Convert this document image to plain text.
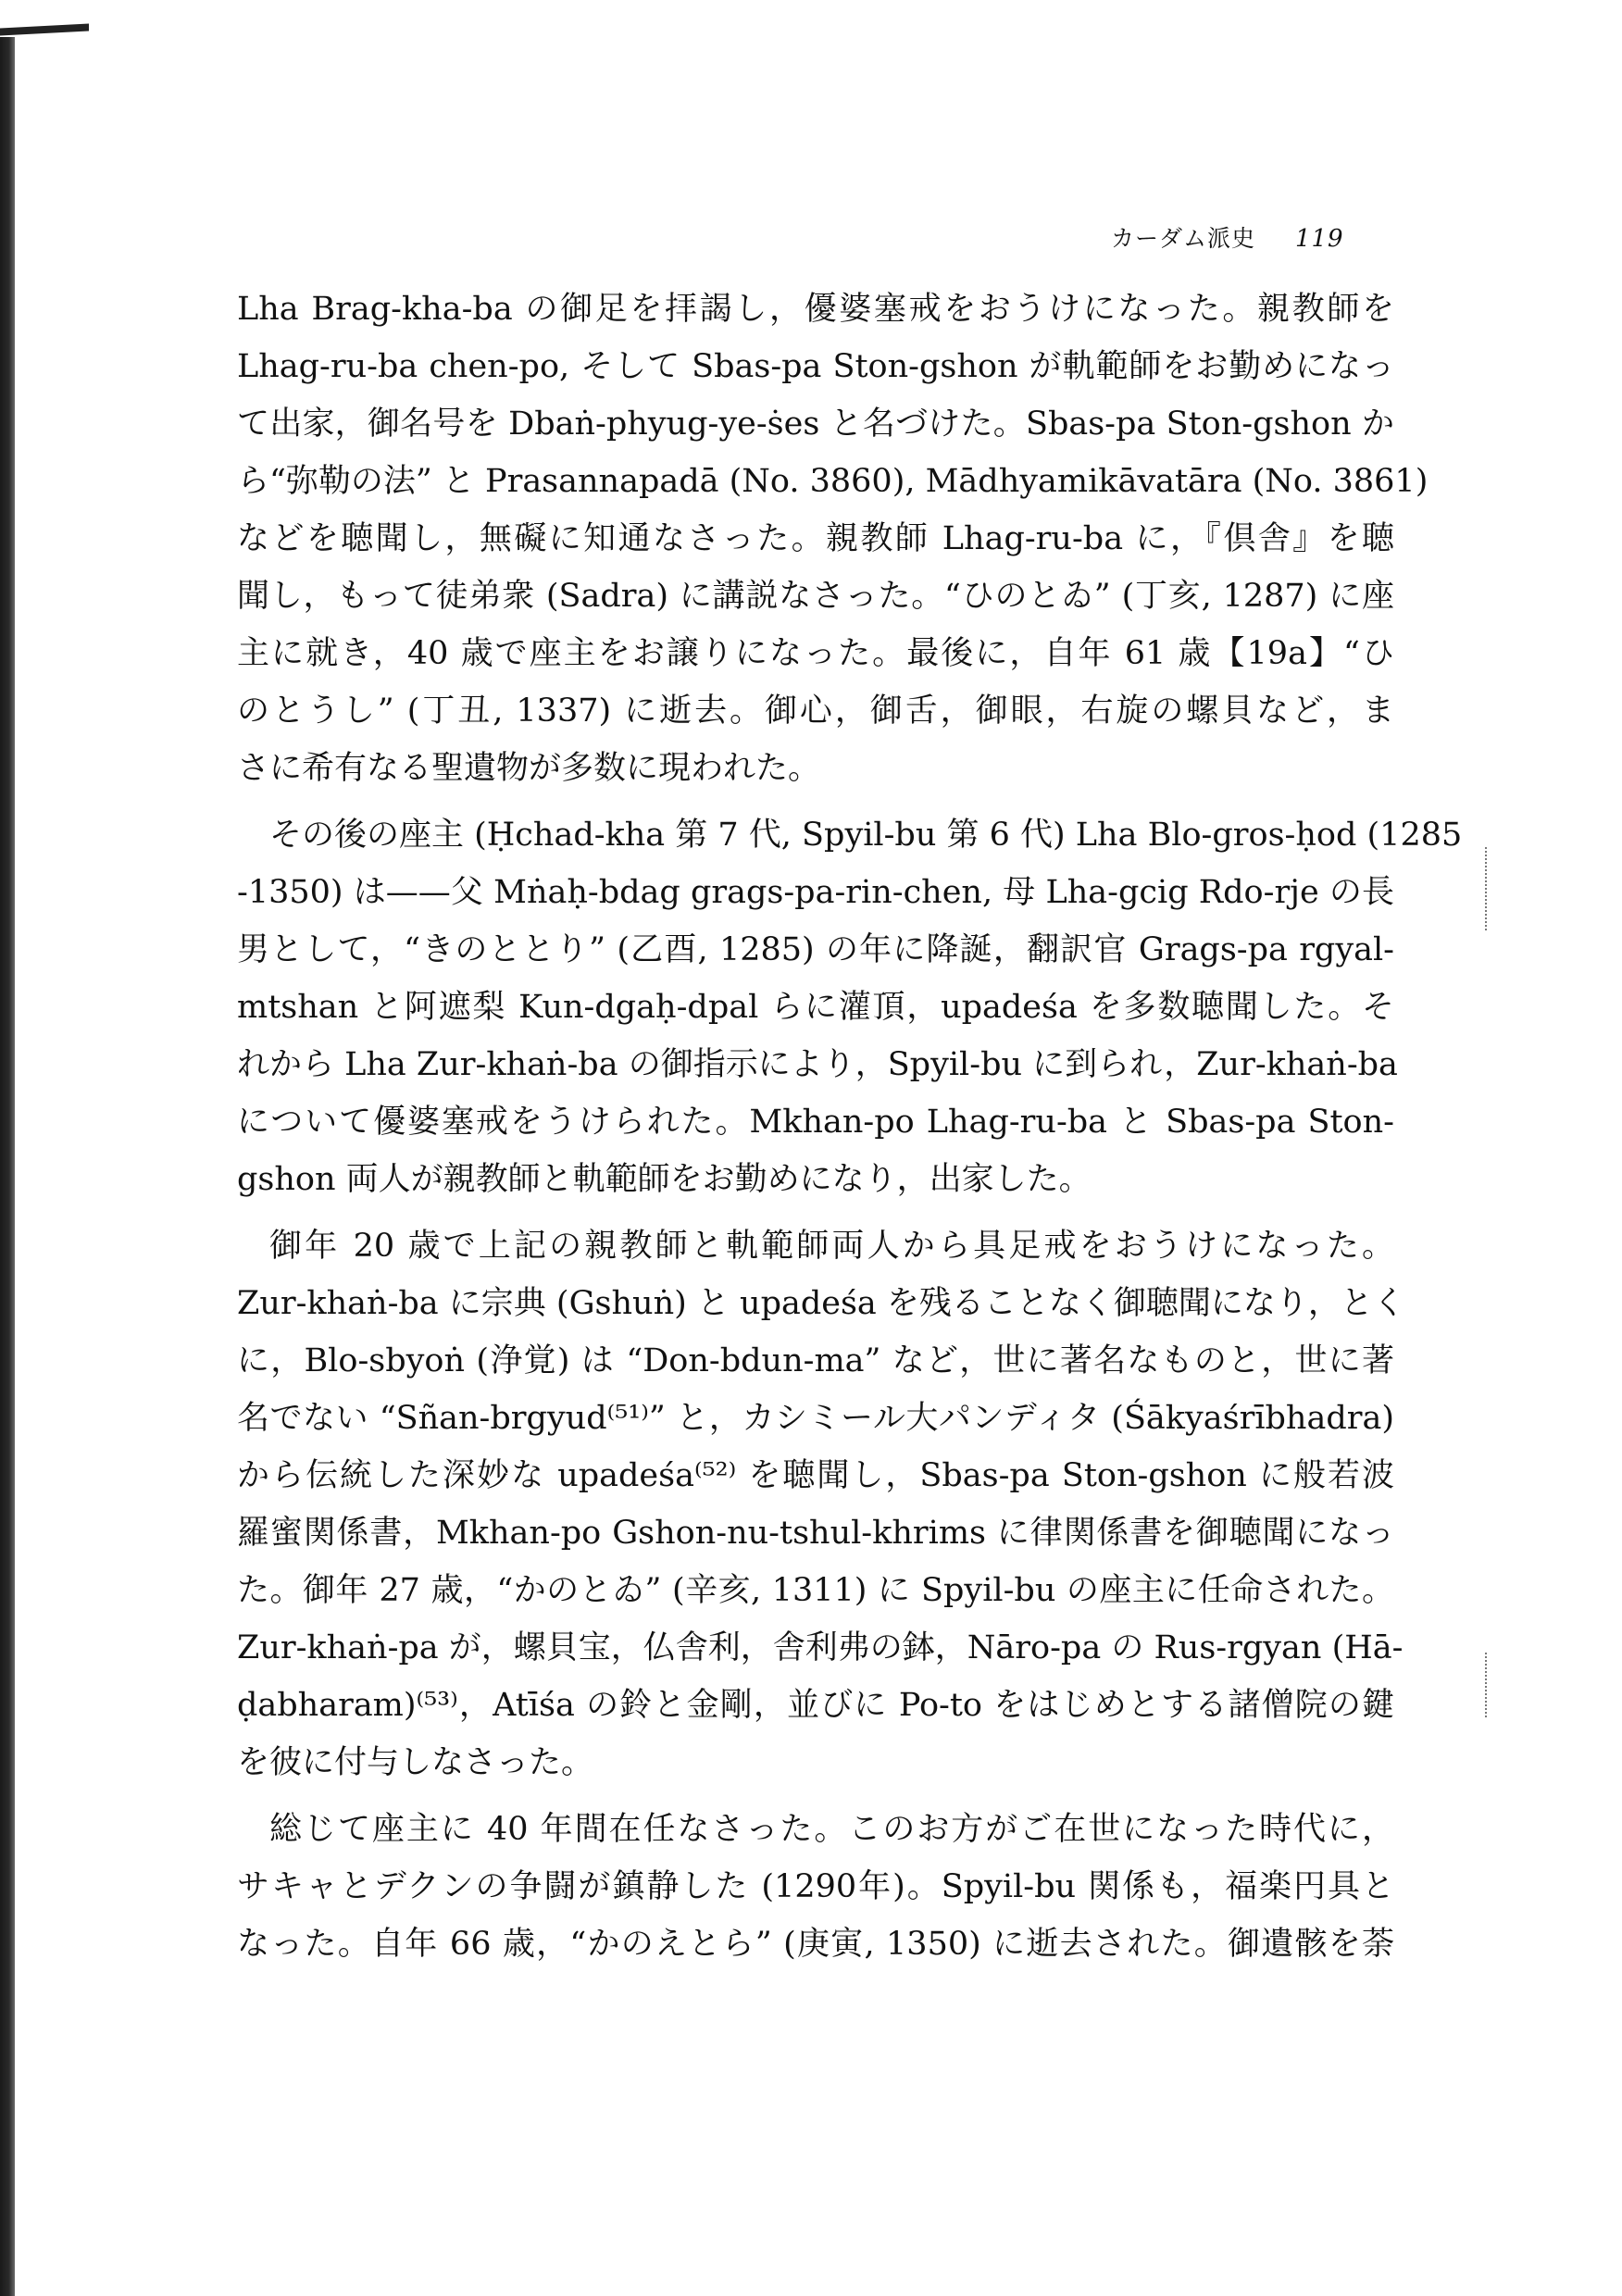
カーダム派史 119
Lha Brag-kha-ba の御足を拝謁し，優婆塞戒をおうけになった。親教師を
Lhag-ru-ba chen-po, そして Sbas-pa Ston-gshon が軌範師をお勤めになっ
て出家，御名号を Dbaṅ-phyug-ye-ṡes と名づけた。Sbas-pa Ston-gshon か
ら“弥勒の法” と Prasannapadā (No. 3860), Mādhyamikāvatāra (No. 3861)
などを聴聞し，無礙に知通なさった。親教師 Lhag-ru-ba に，『倶舎』を聴
聞し，もって徒弟衆 (Sadra) に講説なさった。“ひのとゐ” (丁亥, 1287) に座
主に就き，40 歳で座主をお譲りになった。最後に，自年 61 歳【19a】“ひ
のとうし” (丁丑, 1337) に逝去。御心，御舌，御眼，右旋の螺貝など，ま
さに希有なる聖遺物が多数に現われた。
その後の座主 (Ḥchad-kha 第 7 代, Spyil-bu 第 6 代) Lha Blo-gros-ḥod (1285
-1350) は——父 Mṅaḥ-bdag grags-pa-rin-chen, 母 Lha-gcig Rdo-rje の長
男として，“きのととり” (乙酉, 1285) の年に降誕，翻訳官 Grags-pa rgyal-
mtshan と阿遮梨 Kun-dgaḥ-dpal らに灌頂，upadeśa を多数聴聞した。そ
れから Lha Zur-khaṅ-ba の御指示により，Spyil-bu に到られ，Zur-khaṅ-ba
について優婆塞戒をうけられた。Mkhan-po Lhag-ru-ba と Sbas-pa Ston-
gshon 両人が親教師と軌範師をお勤めになり，出家した。
御年 20 歳で上記の親教師と軌範師両人から具足戒をおうけになった。
Zur-khaṅ-ba に宗典 (Gshuṅ) と upadeśa を残ることなく御聴聞になり，とく
に，Blo-sbyoṅ (浄覚) は “Don-bdun-ma” など，世に著名なものと，世に著
名でない “Sñan-brgyud⁽⁵¹⁾” と，カシミール大パンディタ (Śākyaśrībhadra)
から伝統した深妙な upadeśa⁽⁵²⁾ を聴聞し，Sbas-pa Ston-gshon に般若波
羅蜜関係書，Mkhan-po Gshon-nu-tshul-khrims に律関係書を御聴聞になっ
た。御年 27 歳，“かのとゐ” (辛亥, 1311) に Spyil-bu の座主に任命された。
Zur-khaṅ-pa が，螺貝宝，仏舎利，舎利弗の鉢，Nāro-pa の Rus-rgyan (Hā-
ḍabharam)⁽⁵³⁾，Atīśa の鈴と金剛，並びに Po-to をはじめとする諸僧院の鍵
を彼に付与しなさった。
総じて座主に 40 年間在任なさった。このお方がご在世になった時代に，
サキャとデクンの争闘が鎮静した (1290年)。Spyil-bu 関係も，福楽円具と
なった。自年 66 歳，“かのえとら” (庚寅, 1350) に逝去された。御遺骸を荼
